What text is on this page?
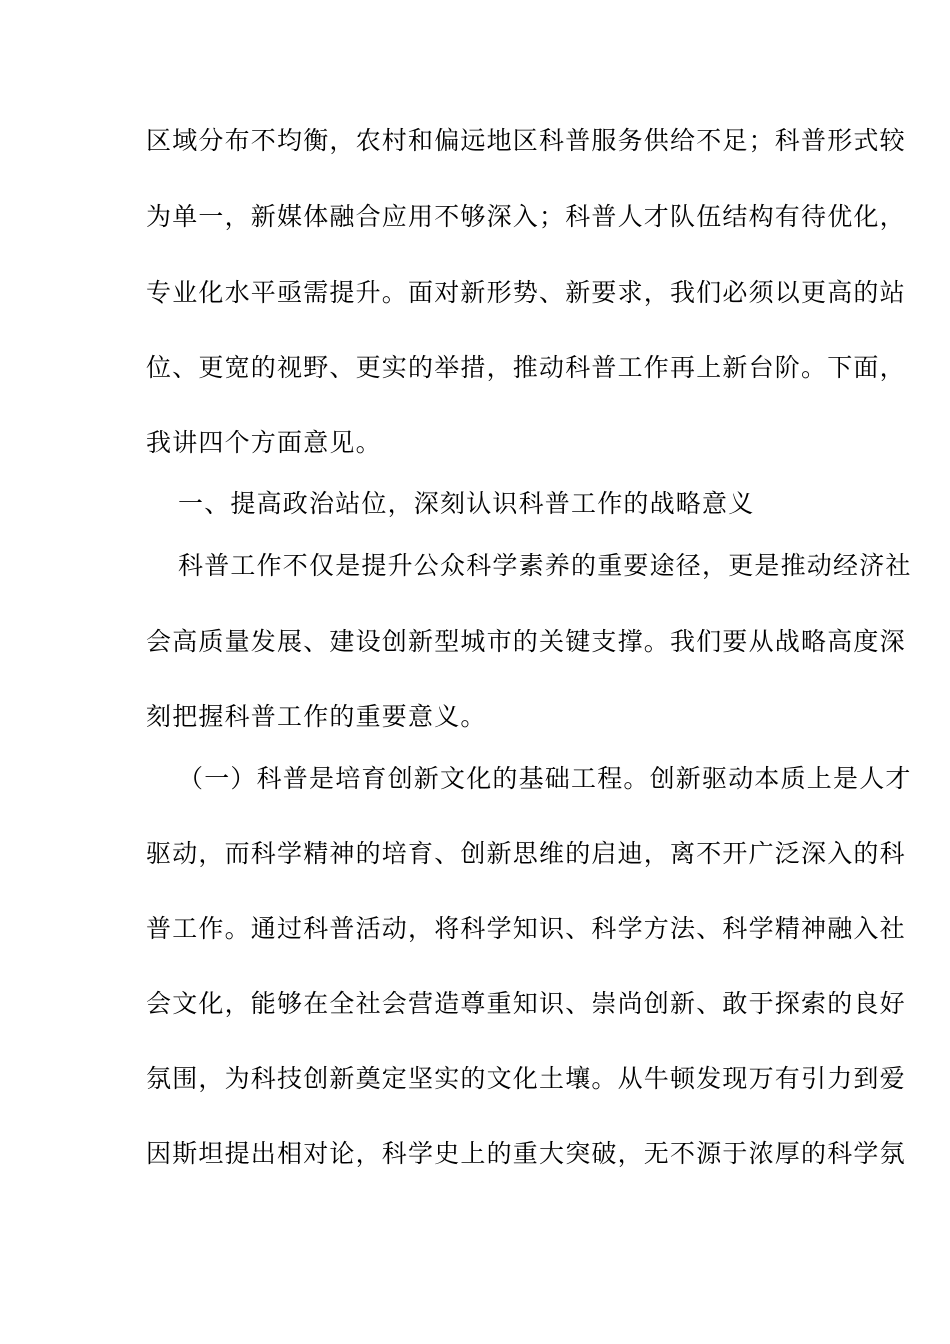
区域分布不均衡，农村和偏远地区科普服务供给不足；科普形式较
为单一，新媒体融合应用不够深入；科普人才队伍结构有待优化，
专业化水平亟需提升。面对新形势、新要求，我们必须以更高的站
位、更宽的视野、更实的举措，推动科普工作再上新台阶。下面，
我讲四个方面意见。
一、提高政治站位，深刻认识科普工作的战略意义
科普工作不仅是提升公众科学素养的重要途径，更是推动经济社
会高质量发展、建设创新型城市的关键支撑。我们要从战略高度深
刻把握科普工作的重要意义。
（一）科普是培育创新文化的基础工程。创新驱动本质上是人才
驱动，而科学精神的培育、创新思维的启迪，离不开广泛深入的科
普工作。通过科普活动，将科学知识、科学方法、科学精神融入社
会文化，能够在全社会营造尊重知识、崇尚创新、敢于探索的良好
氛围，为科技创新奠定坚实的文化土壤。从牛顿发现万有引力到爱
因斯坦提出相对论，科学史上的重大突破，无不源于浓厚的科学氛
